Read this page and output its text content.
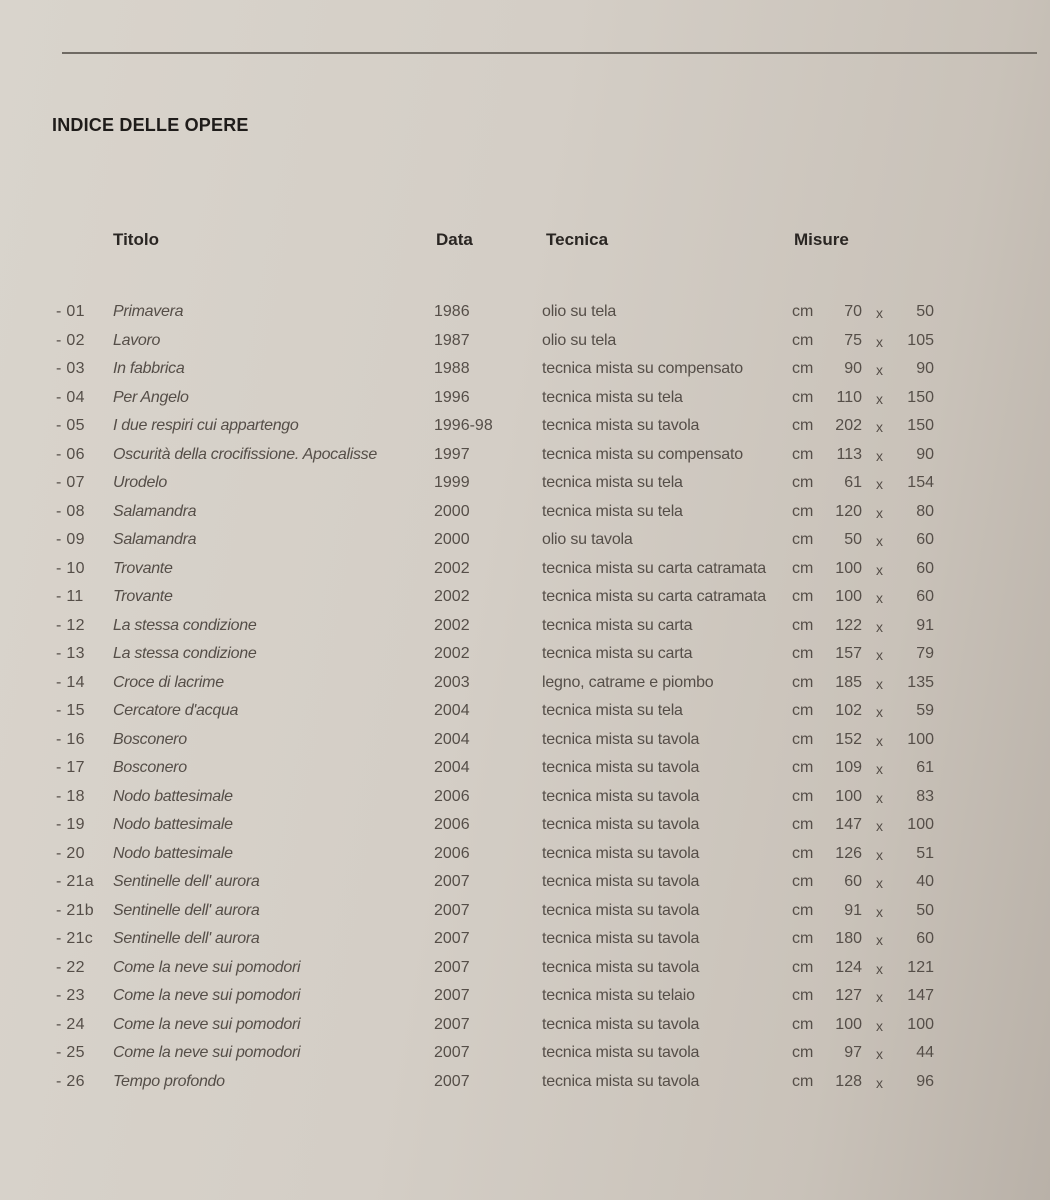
INDICE DELLE OPERE
Titolo	Data	Tecnica	Misure
- 01 Primavera	1986	olio su tela	cm	70 x	50
- 02 Lavoro	1987	olio su tela	cm	75 x	105
- 03 In fabbrica	1988	tecnica mista su compensato	cm	90 x	90
- 04 Per Angelo	1996	tecnica mista su tela	cm	110 x	150
- 05 I due respiri cui appartengo	1996-98	tecnica mista su tavola	cm	202 x	150
- 06 Oscurità della crocifissione. Apocalisse	1997	tecnica mista su compensato	cm	113 x	90
- 07 Urodelo	1999	tecnica mista su tela	cm	61 x	154
- 08 Salamandra	2000	tecnica mista su tela	cm	120 x	80
- 09 Salamandra	2000	olio su tavola	cm	50 x	60
- 10 Trovante	2002	tecnica mista su carta catramata cm	100 x	60
- 11 Trovante	2002	tecnica mista su carta catramata cm	100 x	60
- 12 La stessa condizione	2002	tecnica mista su carta	cm	122 x	91
- 13 La stessa condizione	2002	tecnica mista su carta	cm	157 x	79
- 14 Croce di lacrime	2003	legno, catrame e piombo	cm	185 x	135
- 15 Cercatore d'acqua	2004	tecnica mista su tela	cm	102 x	59
- 16 Bosconero	2004	tecnica mista su tavola	cm	152 x	100
- 17 Bosconero	2004	tecnica mista su tavola	cm	109 x	61
- 18 Nodo battesimale	2006	tecnica mista su tavola	cm	100 x	83
- 19 Nodo battesimale	2006	tecnica mista su tavola	cm	147 x	100
- 20 Nodo battesimale	2006	tecnica mista su tavola	cm	126 x	51
- 21a Sentinelle dell' aurora	2007	tecnica mista su tavola	cm	60 x	40
- 21b Sentinelle dell' aurora	2007	tecnica mista su tavola	cm	91 x	50
- 21c Sentinelle dell' aurora	2007	tecnica mista su tavola	cm	180 x	60
- 22 Come la neve sui pomodori	2007	tecnica mista su tavola	cm	124 x	121
- 23 Come la neve sui pomodori	2007	tecnica mista su telaio	cm	127 x	147
- 24 Come la neve sui pomodori	2007	tecnica mista su tavola	cm	100 x	100
- 25 Come la neve sui pomodori	2007	tecnica mista su tavola	cm	97 x	44
- 26 Tempo profondo	2007	tecnica mista su tavola	cm	128 x	96
